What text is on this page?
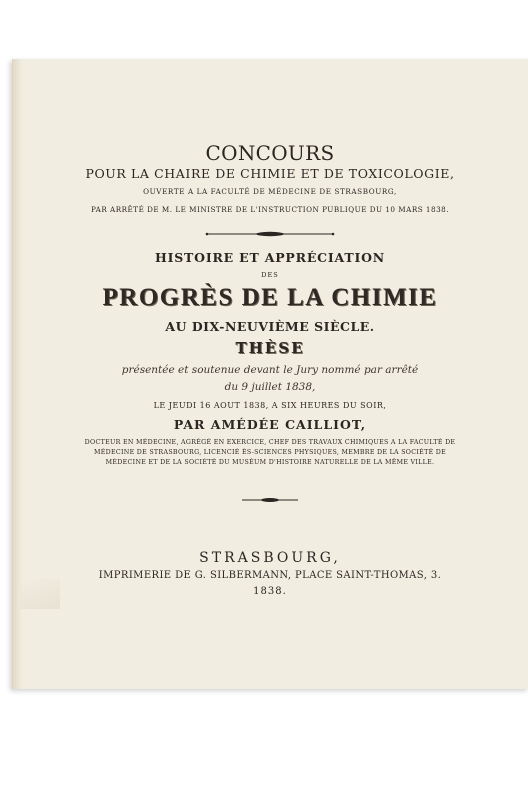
CONCOURS
POUR LA CHAIRE DE CHIMIE ET DE TOXICOLOGIE,
OUVERTE A LA FACULTÉ DE MÉDECINE DE STRASBOURG,
PAR ARRÊTÉ DE M. LE MINISTRE DE L'INSTRUCTION PUBLIQUE DU 10 MARS 1838.
HISTOIRE ET APPRÉCIATION
DES
PROGRÈS DE LA CHIMIE
AU DIX-NEUVIÈME SIÈCLE.
THÈSE
présentée et soutenue devant le Jury nommé par arrêté
du 9 juillet 1838,
LE JEUDI 16 AOUT 1838, A SIX HEURES DU SOIR,
PAR AMÉDÉE CAILLIOT,
DOCTEUR EN MÉDECINE, AGRÉGÉ EN EXERCICE, CHEF DES TRAVAUX CHIMIQUES A LA FACULTÉ DE
MÉDECINE DE STRASBOURG, LICENCIÉ ÈS-SCIENCES PHYSIQUES, MEMBRE DE LA SOCIÉTÉ DE
MÉDECINE ET DE LA SOCIÉTÉ DU MUSÉUM D'HISTOIRE NATURELLE DE LA MÊME VILLE.
STRASBOURG,
IMPRIMERIE DE G. SILBERMANN, PLACE SAINT-THOMAS, 3.
1838.
